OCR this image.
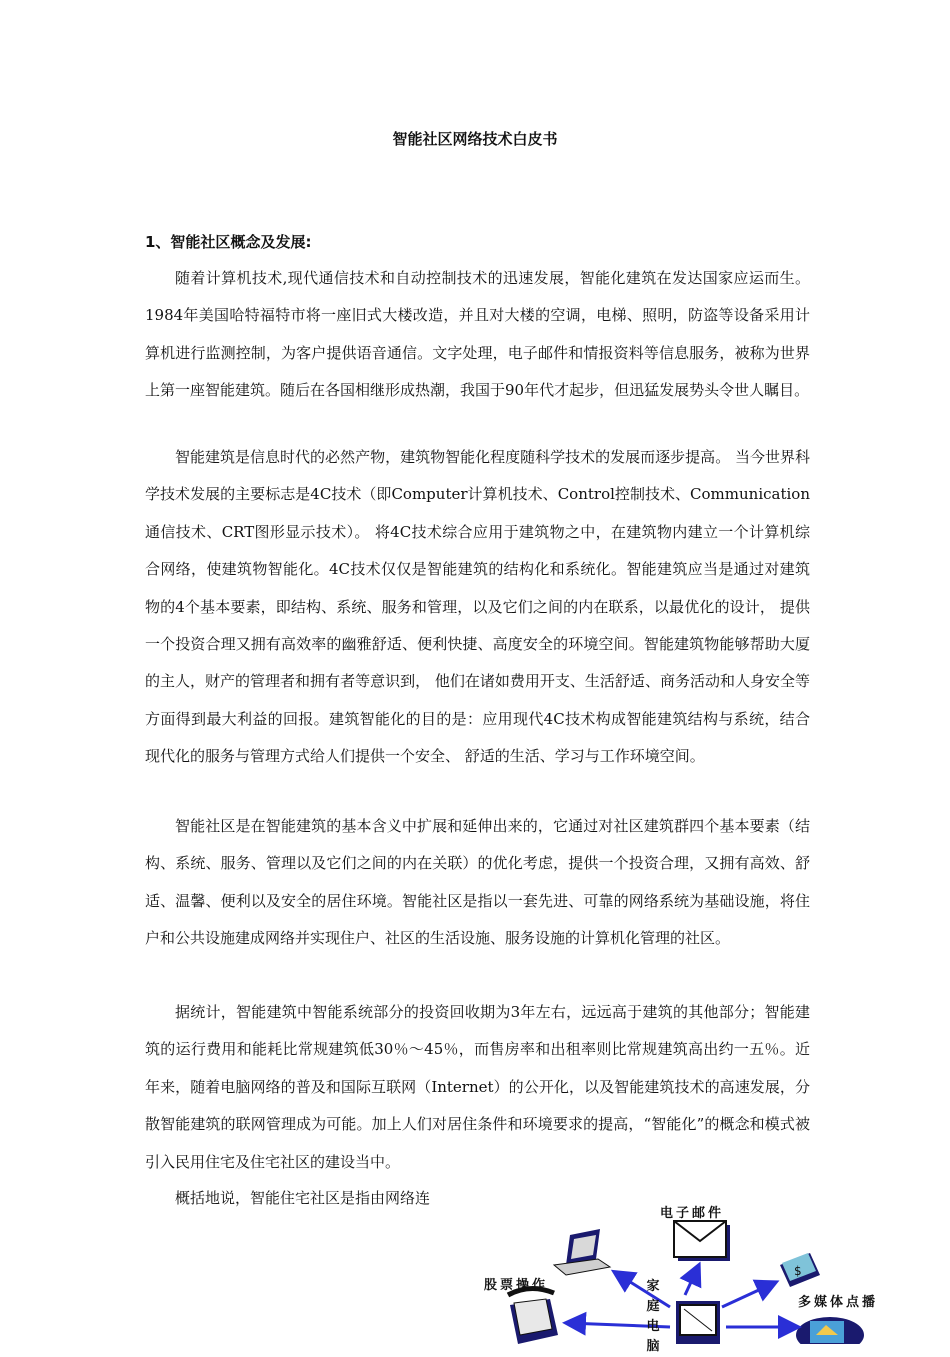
智能社区网络技术白皮书
1、智能社区概念及发展:

随着计算机技术,现代通信技术和自动控制技术的迅速发展，智能化建筑在发达国家应运而生。1984年美国哈特福特市将一座旧式大楼改造，并且对大楼的空调，电梯、照明，防盗等设备采用计算机进行监测控制，为客户提供语音通信。文字处理，电子邮件和情报资料等信息服务，被称为世界上第一座智能建筑。随后在各国相继形成热潮，我国于90年代才起步，但迅猛发展势头令世人瞩目。

智能建筑是信息时代的必然产物，建筑物智能化程度随科学技术的发展而逐步提高。 当今世界科学技术发展的主要标志是4C技术（即Computer计算机技术、Control控制技术、Communication通信技术、CRT图形显示技术）。 将4C技术综合应用于建筑物之中，在建筑物内建立一个计算机综合网络，使建筑物智能化。4C技术仅仅是智能建筑的结构化和系统化。智能建筑应当是通过对建筑物的4个基本要素，即结构、系统、服务和管理，以及它们之间的内在联系，以最优化的设计， 提供一个投资合理又拥有高效率的幽雅舒适、便利快捷、高度安全的环境空间。智能建筑物能够帮助大厦的主人，财产的管理者和拥有者等意识到， 他们在诸如费用开支、生活舒适、商务活动和人身安全等方面得到最大利益的回报。建筑智能化的目的是：应用现代4C技术构成智能建筑结构与系统，结合现代化的服务与管理方式给人们提供一个安全、 舒适的生活、学习与工作环境空间。

智能社区是在智能建筑的基本含义中扩展和延伸出来的，它通过对社区建筑群四个基本要素（结构、系统、服务、管理以及它们之间的内在关联）的优化考虑，提供一个投资合理，又拥有高效、舒适、温馨、便利以及安全的居住环境。智能社区是指以一套先进、可靠的网络系统为基础设施，将住户和公共设施建成网络并实现住户、社区的生活设施、服务设施的计算机化管理的社区。

据统计，智能建筑中智能系统部分的投资回收期为3年左右，远远高于建筑的其他部分；智能建筑的运行费用和能耗比常规建筑低30％～45％，而售房率和出租率则比常规建筑高出约一五％。近年来，随着电脑网络的普及和国际互联网（Internet）的公开化，以及智能建筑技术的高速发展，分散智能建筑的联网管理成为可能。加上人们对居住条件和环境要求的提高，“智能化”的概念和模式被引入民用住宅及住宅社区的建设当中。

概括地说，智能住宅社区是指由网络连

$
电子邮件
股票操作
多媒体点播
家庭电脑
